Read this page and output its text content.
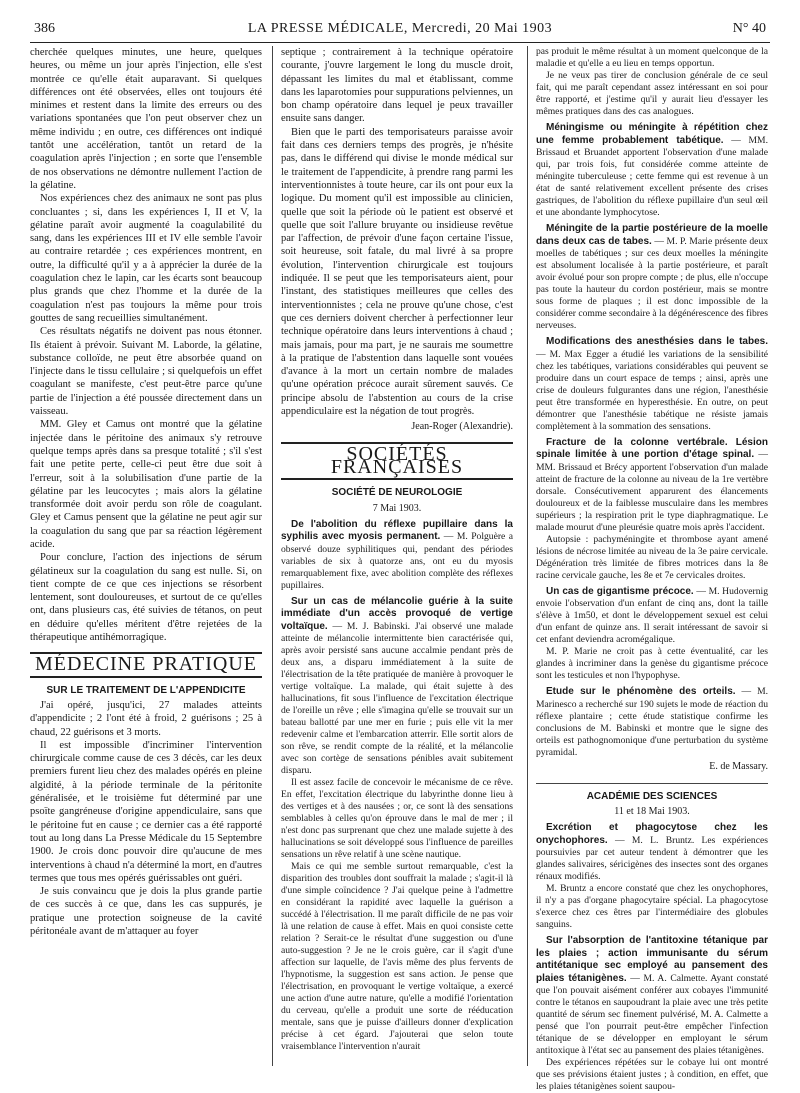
386	LA PRESSE MÉDICALE, Mercredi, 20 Mai 1903	N° 40

cherchée quelques minutes, une heure, quelques heures, ou même un jour après l'injection, elle s'est montrée ce qu'elle était auparavant. Si quelques différences ont été observées, elles ont toujours été minimes et restent dans la limite des erreurs ou des variations spontanées que l'on peut observer chez un même individu ; en outre, ces différences ont indiqué tantôt une accélération, tantôt un retard de la coagulation après l'injection ; en sorte que l'ensemble de nos observations ne démontre nullement l'action de la gélatine.

Nos expériences chez des animaux ne sont pas plus concluantes ; si, dans les expériences I, II et V, la gélatine paraît avoir augmenté la coagulabilité du sang, dans les expériences III et IV elle semble l'avoir au contraire retardée ; ces expériences montrent, en outre, la difficulté qu'il y a à apprécier la durée de la coagulation chez le lapin, car les écarts sont beaucoup plus grands que chez l'homme et la durée de la coagulation n'est pas toujours la même pour trois gouttes de sang recueillies simultanément.

Ces résultats négatifs ne doivent pas nous étonner. Ils étaient à prévoir. Suivant M. Laborde, la gélatine, substance colloïde, ne peut être absorbée quand on l'injecte dans le tissu cellulaire ; si quelquefois un effet coagulant se manifeste, c'est peut-être parce qu'une partie de l'injection a été poussée directement dans un vaisseau.

MM. Gley et Camus ont montré que la gélatine injectée dans le péritoine des animaux s'y retrouve quelque temps après dans sa presque totalité ; s'il s'est fait une petite perte, celle-ci peut être due soit à l'erreur, soit à la solubilisation d'une partie de la gélatine par les leucocytes ; mais alors la gélatine transformée doit avoir perdu son rôle de coagulant. Gley et Camus pensent que la gélatine ne peut agir sur la coagulation du sang que par sa réaction légèrement acide.

Pour conclure, l'action des injections de sérum gélatineux sur la coagulation du sang est nulle. Si, on tient compte de ce que ces injections se résorbent lentement, sont douloureuses, et surtout de ce qu'elles ont, dans plusieurs cas, été suivies de tétanos, on peut en déduire qu'elles méritent d'être rejetées de la thérapeutique antihémorragique.

MÉDECINE PRATIQUE
SUR LE TRAITEMENT DE L'APPENDICITE

J'ai opéré, jusqu'ici, 27 malades atteints d'appendicite ; 2 l'ont été à froid, 2 guérisons ; 25 à chaud, 22 guérisons et 3 morts.

Il est impossible d'incriminer l'intervention chirurgicale comme cause de ces 3 décès, car les deux premiers furent lieu chez des malades opérés en pleine algidité, à la période terminale de la péritonite généralisée, et le troisième fut déterminé par une psoïte gangréneuse d'origine appendiculaire, sans que le péritoine fut en cause ; ce dernier cas a été rapporté tout au long dans La Presse Médicale du 15 Septembre 1900. Je crois donc pouvoir dire qu'aucune de mes interventions à chaud n'a déterminé la mort, en d'autres termes que tous mes opérés guérissables ont guéri.

Je suis convaincu que je dois la plus grande partie de ces succès à ce que, dans les cas suppurés, je pratique une protection soigneuse de la cavité péritonéale avant de m'attaquer au foyer

septique ; contrairement à la technique opératoire courante, j'ouvre largement le long du muscle droit, dépassant les limites du mal et établissant, comme dans les laparotomies pour suppurations pelviennes, un bon champ opératoire dans lequel je peux travailler ensuite sans danger.

Bien que le parti des temporisateurs paraisse avoir fait dans ces derniers temps des progrès, je n'hésite pas, dans le différend qui divise le monde médical sur le traitement de l'appendicite, à prendre rang parmi les interventionnistes à toute heure, car ils ont pour eux la logique. Du moment qu'il est impossible au clinicien, quelle que soit la période où le patient est observé et quelle que soit l'allure bruyante ou insidieuse revêtue par l'affection, de prévoir d'une façon certaine l'issue, soit heureuse, soit fatale, du mal livré à sa propre évolution, l'intervention chirurgicale est toujours indiquée. Il se peut que les temporisateurs aient, pour l'instant, des statistiques meilleures que celles des interventionnistes ; cela ne prouve qu'une chose, c'est que ces derniers doivent chercher à perfectionner leur technique opératoire dans leurs interventions à chaud ; mais jamais, pour ma part, je ne saurais me soumettre à la pratique de l'abstention dans laquelle sont vouées d'avance à la mort un certain nombre de malades qu'une opération précoce aurait sûrement sauvés. Ce principe absolu de l'abstention au cours de la crise appendiculaire est la négation de tout progrès.

Jean-Roger (Alexandrie).
SOCIÉTÉS FRANÇAISES
SOCIÉTÉ DE NEUROLOGIE
7 Mai 1903.

De l'abolition du réflexe pupillaire dans la syphilis avec myosis permanent. — M. Polguère a observé douze syphilitiques qui, pendant des périodes variables de six à quatorze ans, ont eu du myosis remarquablement fixe, avec abolition complète des réflexes pupillaires.

Sur un cas de mélancolie guérie à la suite immédiate d'un accès provoqué de vertige voltaïque. — M. J. Babinski. J'ai observé une malade atteinte de mélancolie intermittente bien caractérisée qui, après avoir persisté sans aucune accalmie pendant près de deux ans, a disparu immédiatement à la suite de l'électrisation de la tête pratiquée de manière à provoquer le vertige voltaïque. La malade, qui était sujette à des hallucinations, fit sous l'influence de l'excitation électrique de l'oreille un rêve ; elle s'imagina qu'elle se trouvait sur un bateau ballotté par une mer en furie ; puis elle vit la mer redevenir calme et l'embarcation atterrir. Elle sortit alors de son rêve, se rendit compte de la réalité, et la mélancolie avec son cortège de sensations pénibles avait subitement disparu.

Il est assez facile de concevoir le mécanisme de ce rêve. En effet, l'excitation électrique du labyrinthe donne lieu à des vertiges et à des nausées ; or, ce sont là des sensations semblables à celles qu'on éprouve dans le mal de mer ; il n'est donc pas surprenant que chez une malade sujette à des hallucinations se soit développé sous l'influence de pareilles sensations un rêve relatif à une scène nautique.

Mais ce qui me semble surtout remarquable, c'est la disparition des troubles dont souffrait la malade ; s'agit-il là d'une simple coïncidence ? J'ai quelque peine à l'admettre en considérant la rapidité avec laquelle la guérison a succédé à l'électrisation. Il me paraît difficile de ne pas voir là une relation de cause à effet. Mais en quoi consiste cette relation ? Serait-ce le résultat d'une suggestion ou d'une auto-suggestion ? Je ne le crois guère, car il s'agit d'une affection sur laquelle, de l'avis même des plus fervents de l'hypnotisme, la suggestion est sans action. Je pense que l'électrisation, en provoquant le vertige voltaïque, a exercé une action d'une autre nature, qu'elle a modifié l'orientation du cerveau, qu'elle a produit une sorte de rééducation mentale, sans que je puisse d'ailleurs donner d'explication précise à cet égard. J'ajouterai que selon toute vraisemblance l'intervention n'aurait

pas produit le même résultat à un moment quelconque de la maladie et qu'elle a eu lieu en temps opportun.

Je ne veux pas tirer de conclusion générale de ce seul fait, qui me paraît cependant assez intéressant en soi pour être rapporté, et j'estime qu'il y aurait lieu d'essayer les mêmes pratiques dans des cas analogues.

Méningisme ou méningite à répétition chez une femme probablement tabétique. — MM. Brissaud et Bruandet apportent l'observation d'une malade qui, par trois fois, fut considérée comme atteinte de méningite tuberculeuse ; cette femme qui est revenue à un état de santé relativement excellent présente des crises gastriques, de l'abolition du réflexe pupillaire d'un seul œil et une abondante lymphocytose.

Méningite de la partie postérieure de la moelle dans deux cas de tabes. — M. P. Marie présente deux moelles de tabétiques ; sur ces deux moelles la méningite est absolument localisée à la partie postérieure, et paraît avoir évolué pour son propre compte ; de plus, elle n'occupe pas toute la hauteur du cordon postérieur, mais se montre sous forme de plaques ; il est donc impossible de la considérer comme secondaire à la dégénérescence des fibres nerveuses.

Modifications des anesthésies dans le tabes. — M. Max Egger a étudié les variations de la sensibilité chez les tabétiques, variations considérables qui peuvent se produire dans un court espace de temps ; ainsi, après une crise de douleurs fulgurantes dans une région, l'anesthésie peut être transformée en hyperesthésie. En outre, on peut démontrer que l'anesthésie tabétique ne résiste jamais complètement à la sommation des sensations.

Fracture de la colonne vertébrale. Lésion spinale limitée à une portion d'étage spinal. — MM. Brissaud et Brécy apportent l'observation d'un malade atteint de fracture de la colonne au niveau de la 1re vertèbre dorsale. Consécutivement apparurent des élancements douloureux et de la faiblesse musculaire dans les membres supérieurs ; la respiration prit le type diaphragmatique. Le malade mourut d'une pleurésie quatre mois après l'accident.

Autopsie : pachyméningite et thrombose ayant amené lésions de nécrose limitée au niveau de la 3e paire cervicale. Dégénération très limitée de fibres motrices dans la 8e racine cervicale gauche, les 8e et 7e cervicales droites.

Un cas de gigantisme précoce. — M. Hudovernig envoie l'observation d'un enfant de cinq ans, dont la taille s'élève à 1m50, et dont le développement sexuel est celui d'un enfant de quinze ans. Il serait intéressant de savoir si cet enfant deviendra acromégalique.

M. P. Marie ne croit pas à cette éventualité, car les glandes à incriminer dans la genèse du gigantisme précoce sont les testicules et non l'hypophyse.

Etude sur le phénomène des orteils. — M. Marinesco a recherché sur 190 sujets le mode de réaction du réflexe plantaire ; cette étude statistique confirme les conclusions de M. Babinski et montre que le signe des orteils est pathognomonique d'une perturbation du système pyramidal.

E. de Massary.
ACADÉMIE DES SCIENCES
11 et 18 Mai 1903.

Excrétion et phagocytose chez les onychophores. — M. L. Bruntz. Les expériences poursuivies par cet auteur tendent à démontrer que les glandes salivaires, séricigènes des insectes sont des organes rénaux modifiés.

M. Bruntz a encore constaté que chez les onychophores, il n'y a pas d'organe phagocytaire spécial. La phagocytose s'exerce chez ces êtres par l'intermédiaire des globules sanguins.

Sur l'absorption de l'antitoxine tétanique par les plaies ; action immunisante du sérum antitétanique sec employé au pansement des plaies tétanigènes. — M. A. Calmette. Ayant constaté que l'on pouvait aisément conférer aux cobayes l'immunité contre le tétanos en saupoudrant la plaie avec une très petite quantité de sérum sec finement pulvérisé, M. A. Calmette a pensé que l'on pourrait peut-être empêcher l'infection tétanique de se développer en employant le sérum antitoxique à l'état sec au pansement des plaies tétanigènes.

Des expériences répétées sur le cobaye lui ont montré que ses prévisions étaient justes ; à condition, en effet, que les plaies tétanigènes soient saupou-
